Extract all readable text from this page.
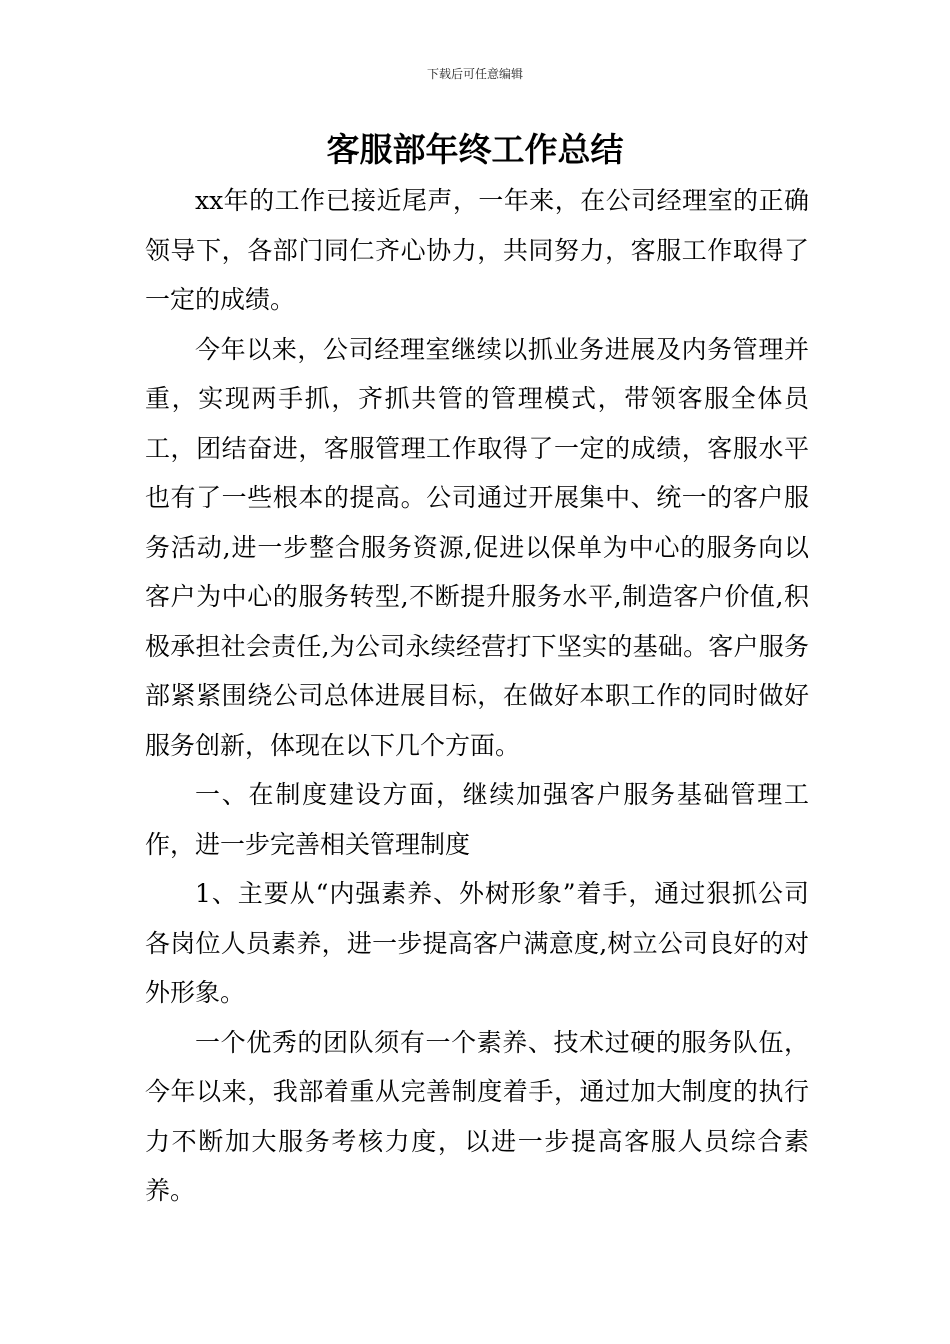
下载后可任意编辑
客服部年终工作总结

xx年的工作已接近尾声，一年来，在公司经理室的正确领导下，各部门同仁齐心协力，共同努力，客服工作取得了一定的成绩。

今年以来，公司经理室继续以抓业务进展及内务管理并重，实现两手抓，齐抓共管的管理模式，带领客服全体员工，团结奋进，客服管理工作取得了一定的成绩，客服水平也有了一些根本的提高。公司通过开展集中、统一的客户服务活动,进一步整合服务资源,促进以保单为中心的服务向以客户为中心的服务转型,不断提升服务水平,制造客户价值,积极承担社会责任,为公司永续经营打下坚实的基础。客户服务部紧紧围绕公司总体进展目标，在做好本职工作的同时做好服务创新，体现在以下几个方面。

一、在制度建设方面，继续加强客户服务基础管理工作，进一步完善相关管理制度

1、主要从“内强素养、外树形象”着手，通过狠抓公司各岗位人员素养，进一步提高客户满意度,树立公司良好的对外形象。

一个优秀的团队须有一个素养、技术过硬的服务队伍，今年以来，我部着重从完善制度着手，通过加大制度的执行力不断加大服务考核力度，以进一步提高客服人员综合素养。
